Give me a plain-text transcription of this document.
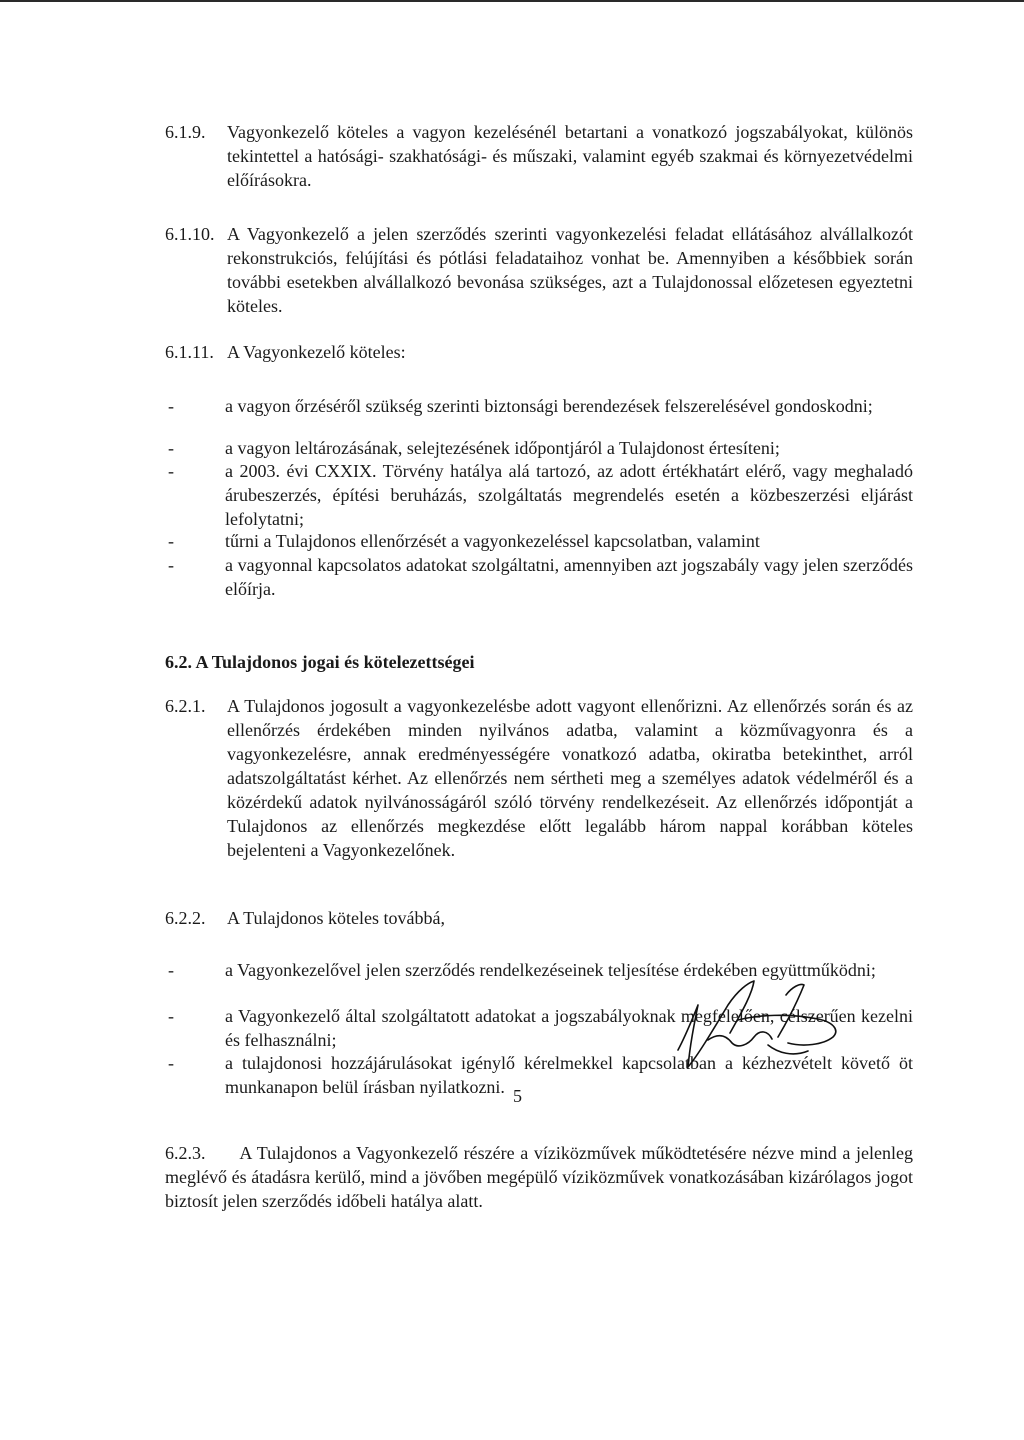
6.1.9. Vagyonkezelő köteles a vagyon kezelésénél betartani a vonatkozó jogszabályokat, különös tekintettel a hatósági- szakhatósági- és műszaki, valamint egyéb szakmai és környezetvédelmi előírásokra.
6.1.10. A Vagyonkezelő a jelen szerződés szerinti vagyonkezelési feladat ellátásához alvállalkozót rekonstrukciós, felújítási és pótlási feladataihoz vonhat be. Amennyiben a későbbiek során további esetekben alvállalkozó bevonása szükséges, azt a Tulajdonossal előzetesen egyeztetni köteles.
6.1.11. A Vagyonkezelő köteles:
-	a vagyon őrzéséről szükség szerinti biztonsági berendezések felszerelésével gondoskodni;
-	a vagyon leltározásának, selejtezésének időpontjáról a Tulajdonost értesíteni;
-	a 2003. évi CXXIX. Törvény hatálya alá tartozó, az adott értékhatárt elérő, vagy meghaladó árubeszerzés, építési beruházás, szolgáltatás megrendelés esetén a közbeszerzési eljárást lefolytatni;
-	tűrni a Tulajdonos ellenőrzését a vagyonkezeléssel kapcsolatban, valamint
-	a vagyonnal kapcsolatos adatokat szolgáltatni, amennyiben azt jogszabály vagy jelen szerződés előírja.
6.2. A Tulajdonos jogai és kötelezettségei
6.2.1. A Tulajdonos jogosult a vagyonkezelésbe adott vagyont ellenőrizni. Az ellenőrzés során és az ellenőrzés érdekében minden nyilvános adatba, valamint a közművagyonra és a vagyonkezelésre, annak eredményességére vonatkozó adatba, okiratba betekinthet, arról adatszolgáltatást kérhet. Az ellenőrzés nem sértheti meg a személyes adatok védelméről és a közérdekű adatok nyilvánosságáról szóló törvény rendelkezéseit. Az ellenőrzés időpontját a Tulajdonos az ellenőrzés megkezdése előtt legalább három nappal korábban köteles bejelenteni a Vagyonkezelőnek.
6.2.2. A Tulajdonos köteles továbbá,
-	a Vagyonkezelővel jelen szerződés rendelkezéseinek teljesítése érdekében együttműködni;
-	a Vagyonkezelő által szolgáltatott adatokat a jogszabályoknak megfelelően, célszerűen kezelni és felhasználni;
-	a tulajdonosi hozzájárulásokat igénylő kérelmekkel kapcsolatban a kézhezvételt követő öt munkanapon belül írásban nyilatkozni.
6.2.3. A Tulajdonos a Vagyonkezelő részére a víziközművek működtetésére nézve mind a jelenleg meglévő és átadásra kerülő, mind a jövőben megépülő víziközművek vonatkozásában kizárólagos jogot biztosít jelen szerződés időbeli hatálya alatt.
5
